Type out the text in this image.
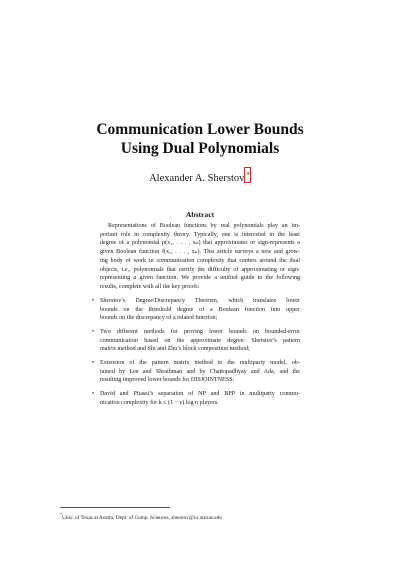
Communication Lower Bounds
Using Dual Polynomials
Alexander A. Sherstov *
Abstract
Representations of Boolean functions by real polynomials play an im-
portant role in complexity theory. Typically, one is interested in the least
degree of a polynomial p(x₁, . . . , xₙ) that approximates or sign-represents a
given Boolean function f(x₁, . . . , xₙ). This article surveys a new and grow-
ing body of work in communication complexity that centers around the dual
objects, i.e., polynomials that certify the difficulty of approximating or sign-
representing a given function. We provide a unified guide to the following
results, complete with all the key proofs:
• Sherstov’s Degree/Discrepancy Theorem, which translates lower
bounds on the threshold degree of a Boolean function into upper
bounds on the discrepancy of a related function;
• Two different methods for proving lower bounds on bounded-error
communication based on the approximate degree: Sherstov’s pattern
matrix method and Shi and Zhu’s block composition method;
• Extension of the pattern matrix method to the multiparty model, ob-
tained by Lee and Shraibman and by Chattopadhyay and Ada, and the
resulting improved lower bounds for DISJOINTNESS;
• David and Pitassi’s separation of NP and BPP in multiparty commu-
nication complexity for k ≤ (1 − ϵ) log n players.
*Univ. of Texas at Austin, Dept. of Comp. Sciences, sherstov@cs.utexas.edu
